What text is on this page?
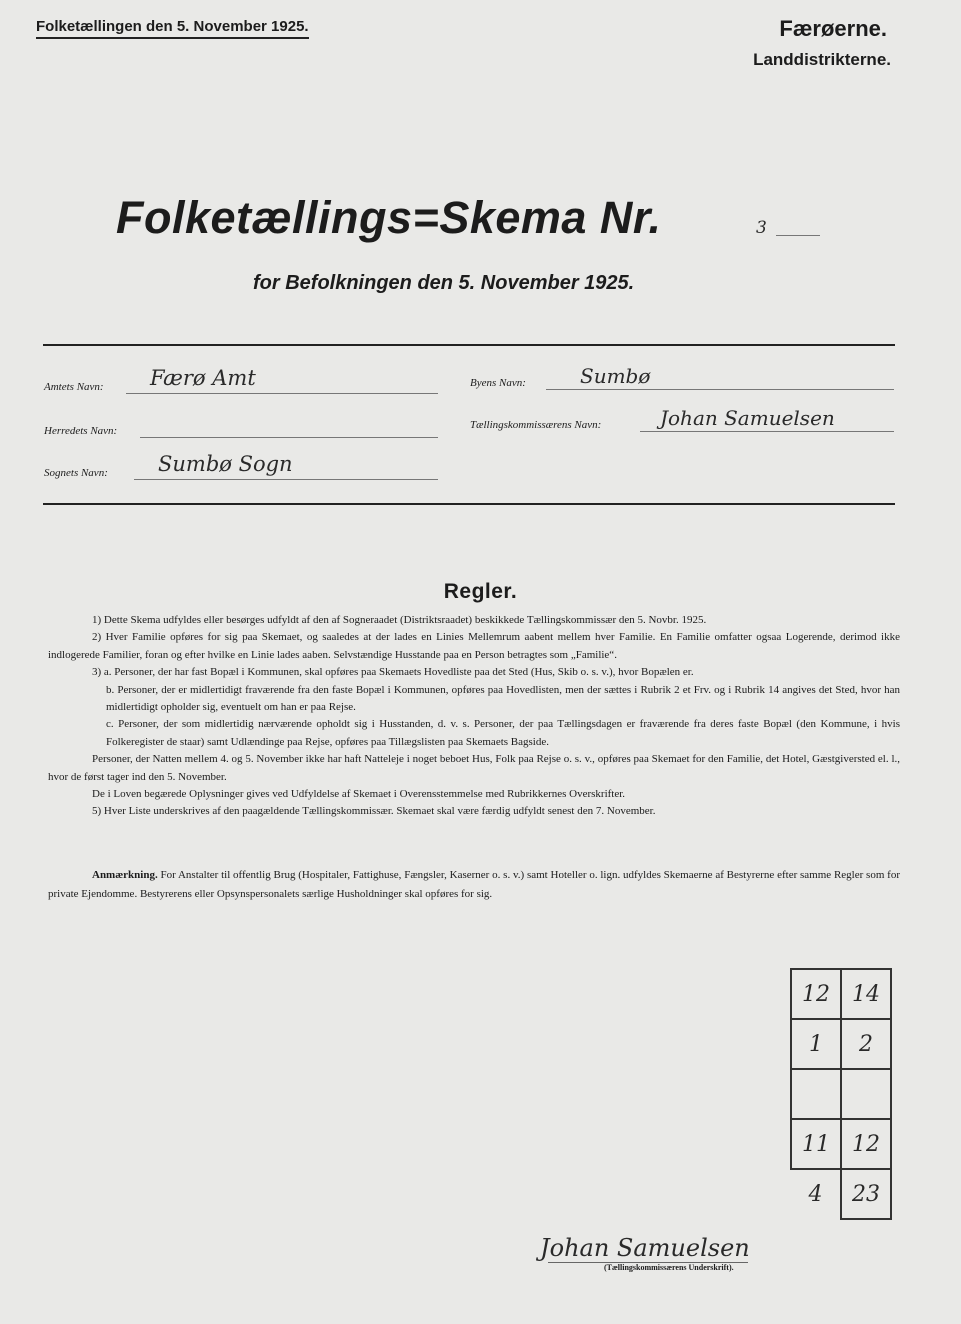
Folketællingen den 5. November 1925.	Færøerne.
Landdistrikterne.
Folketællings=Skema Nr.	3
for Befolkningen den 5. November 1925.
Amtets Navn: Færø Amt
Herredets Navn:
Sognets Navn: Sumbø Sogn
Byens Navn:	Sumbø
Tællingskommissærens Navn:	Johan Samuelsen
Regler.

1) Dette Skema udfyldes eller besørges udfyldt af den af Sogneraadet (Distriktsraadet) beskikkede Tællingskommissær den 5. Novbr. 1925.

2) Hver Familie opføres for sig paa Skemaet, og saaledes at der lades en Linies Mellemrum aabent mellem hver Familie. En Familie omfatter ogsaa Logerende, derimod ikke indlogerede Familier, foran og efter hvilke en Linie lades aaben. Selvstændige Husstande paa en Person betragtes som „Familie“.

3) a. Personer, der har fast Bopæl i Kommunen, skal opføres paa Skemaets Hovedliste paa det Sted (Hus, Skib o. s. v.), hvor Bopælen er.

b. Personer, der er midlertidigt fraværende fra den faste Bopæl i Kommunen, opføres paa Hovedlisten, men der sættes i Rubrik 2 et Frv. og i Rubrik 14 angives det Sted, hvor han midlertidigt opholder sig, eventuelt om han er paa Rejse.

c. Personer, der som midlertidig nærværende opholdt sig i Husstanden, d. v. s. Personer, der paa Tællingsdagen er fraværende fra deres faste Bopæl (den Kommune, i hvis Folkeregister de staar) samt Udlændinge paa Rejse, opføres paa Tillægslisten paa Skemaets Bagside.

Personer, der Natten mellem 4. og 5. November ikke har haft Natteleje i noget beboet Hus, Folk paa Rejse o. s. v., opføres paa Skemaet for den Familie, det Hotel, Gæstgiversted el. l., hvor de først tager ind den 5. November.

De i Loven begærede Oplysninger gives ved Udfyldelse af Skemaet i Overensstemmelse med Rubrikkernes Overskrifter.

5) Hver Liste underskrives af den paagældende Tællingskommissær. Skemaet skal være færdig udfyldt senest den 7. November.

Anmærkning. For Anstalter til offentlig Brug (Hospitaler, Fattighuse, Fængsler, Kaserner o. s. v.) samt Hoteller o. lign. udfyldes Skemaerne af Bestyrerne efter samme Regler som for private Ejendomme. Bestyrerens eller Opsynspersonalets særlige Husholdninger skal opføres for sig.

12	14
1	2

11	12
4	23
Johan Samuelsen
(Tællingskommissærens Underskrift).
